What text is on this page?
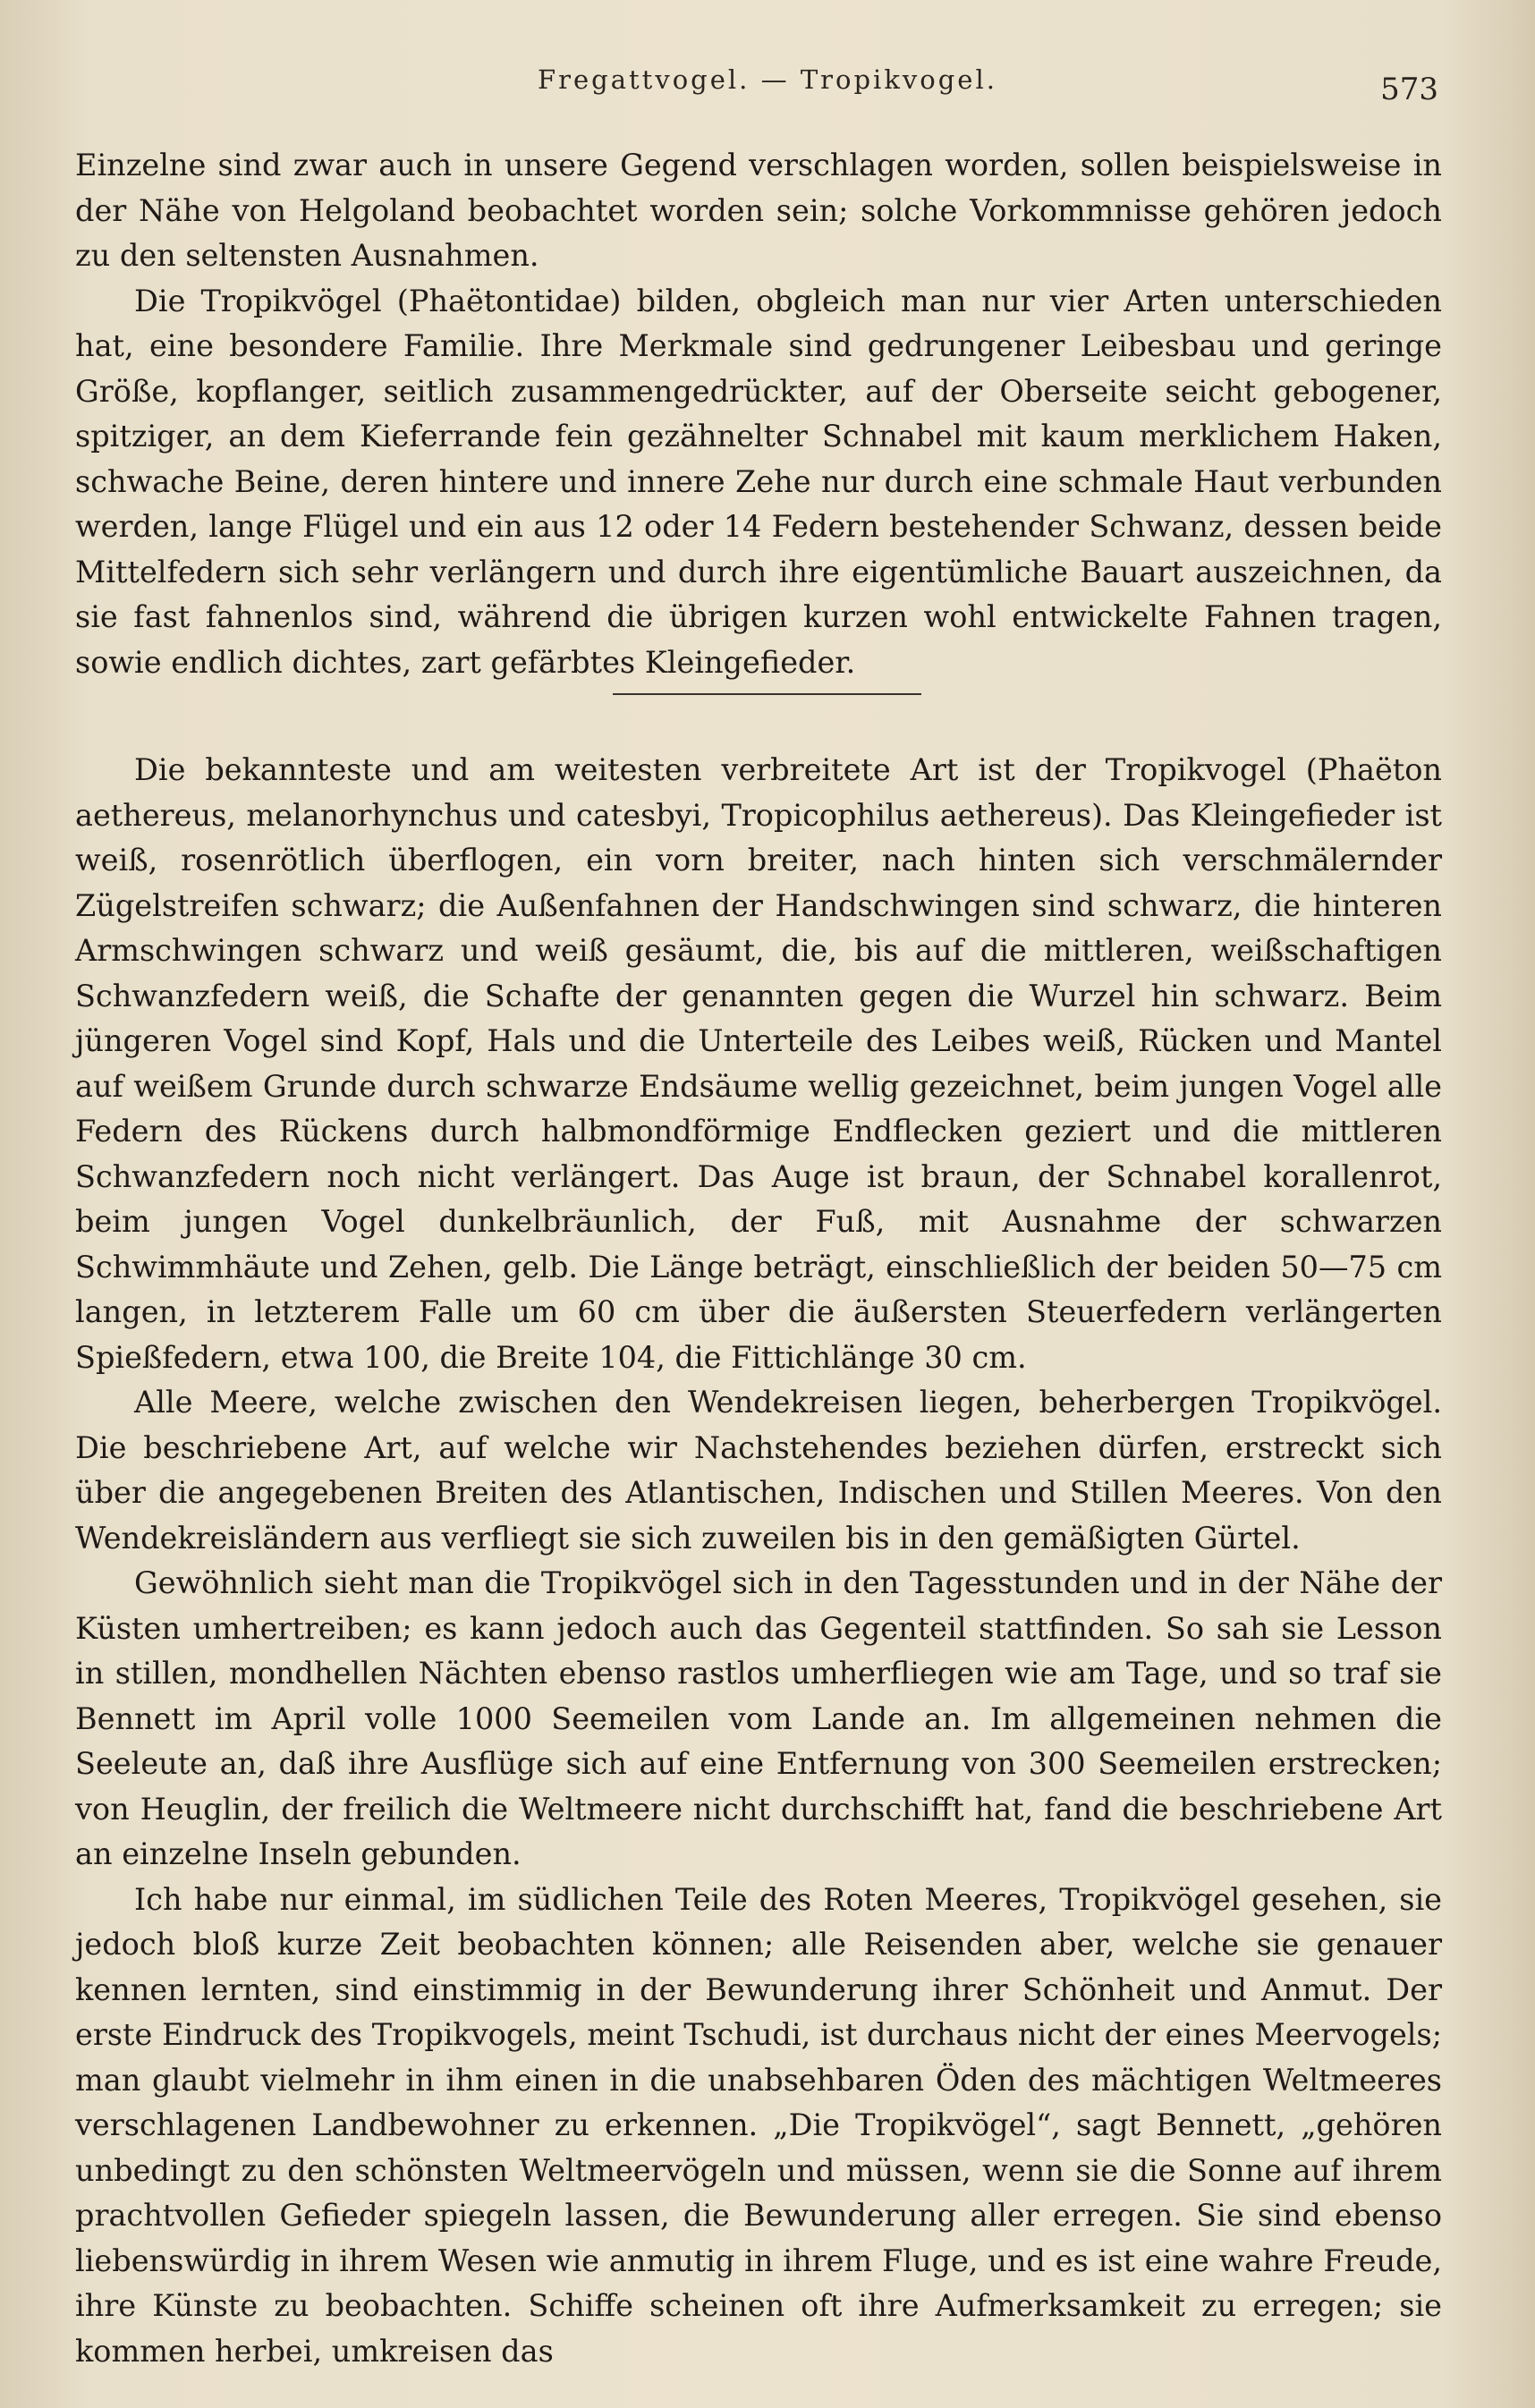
Fregattvogel. — Tropikvogel.	573

Einzelne sind zwar auch in unsere Gegend verschlagen worden, sollen beispielsweise in der Nähe von Helgoland beobachtet worden sein; solche Vorkommnisse gehören jedoch zu den seltensten Ausnahmen.

Die Tropikvögel (Phaëtontidae) bilden, obgleich man nur vier Arten unterschieden hat, eine besondere Familie. Ihre Merkmale sind gedrungener Leibesbau und geringe Größe, kopflanger, seitlich zusammengedrückter, auf der Oberseite seicht gebogener, spitziger, an dem Kieferrande fein gezähnelter Schnabel mit kaum merklichem Haken, schwache Beine, deren hintere und innere Zehe nur durch eine schmale Haut verbunden werden, lange Flügel und ein aus 12 oder 14 Federn bestehender Schwanz, dessen beide Mittelfedern sich sehr verlängern und durch ihre eigentümliche Bauart auszeichnen, da sie fast fahnenlos sind, während die übrigen kurzen wohl entwickelte Fahnen tragen, sowie endlich dichtes, zart gefärbtes Kleingefieder.

Die bekannteste und am weitesten verbreitete Art ist der Tropikvogel (Phaëton aethereus, melanorhynchus und catesbyi, Tropicophilus aethereus). Das Kleingefieder ist weiß, rosenrötlich überflogen, ein vorn breiter, nach hinten sich verschmälernder Zügelstreifen schwarz; die Außenfahnen der Handschwingen sind schwarz, die hinteren Armschwingen schwarz und weiß gesäumt, die, bis auf die mittleren, weißschaftigen Schwanzfedern weiß, die Schafte der genannten gegen die Wurzel hin schwarz. Beim jüngeren Vogel sind Kopf, Hals und die Unterteile des Leibes weiß, Rücken und Mantel auf weißem Grunde durch schwarze Endsäume wellig gezeichnet, beim jungen Vogel alle Federn des Rückens durch halbmondförmige Endflecken geziert und die mittleren Schwanzfedern noch nicht verlängert. Das Auge ist braun, der Schnabel korallenrot, beim jungen Vogel dunkelbräunlich, der Fuß, mit Ausnahme der schwarzen Schwimmhäute und Zehen, gelb. Die Länge beträgt, einschließlich der beiden 50—75 cm langen, in letzterem Falle um 60 cm über die äußersten Steuerfedern verlängerten Spießfedern, etwa 100, die Breite 104, die Fittichlänge 30 cm.

Alle Meere, welche zwischen den Wendekreisen liegen, beherbergen Tropikvögel. Die beschriebene Art, auf welche wir Nachstehendes beziehen dürfen, erstreckt sich über die angegebenen Breiten des Atlantischen, Indischen und Stillen Meeres. Von den Wendekreisländern aus verfliegt sie sich zuweilen bis in den gemäßigten Gürtel.

Gewöhnlich sieht man die Tropikvögel sich in den Tagesstunden und in der Nähe der Küsten umhertreiben; es kann jedoch auch das Gegenteil stattfinden. So sah sie Lesson in stillen, mondhellen Nächten ebenso rastlos umherfliegen wie am Tage, und so traf sie Bennett im April volle 1000 Seemeilen vom Lande an. Im allgemeinen nehmen die Seeleute an, daß ihre Ausflüge sich auf eine Entfernung von 300 Seemeilen erstrecken; von Heuglin, der freilich die Weltmeere nicht durchschifft hat, fand die beschriebene Art an einzelne Inseln gebunden.

Ich habe nur einmal, im südlichen Teile des Roten Meeres, Tropikvögel gesehen, sie jedoch bloß kurze Zeit beobachten können; alle Reisenden aber, welche sie genauer kennen lernten, sind einstimmig in der Bewunderung ihrer Schönheit und Anmut. Der erste Eindruck des Tropikvogels, meint Tschudi, ist durchaus nicht der eines Meervogels; man glaubt vielmehr in ihm einen in die unabsehbaren Öden des mächtigen Weltmeeres verschlagenen Landbewohner zu erkennen. „Die Tropikvögel“, sagt Bennett, „gehören unbedingt zu den schönsten Weltmeervögeln und müssen, wenn sie die Sonne auf ihrem prachtvollen Gefieder spiegeln lassen, die Bewunderung aller erregen. Sie sind ebenso liebenswürdig in ihrem Wesen wie anmutig in ihrem Fluge, und es ist eine wahre Freude, ihre Künste zu beobachten. Schiffe scheinen oft ihre Aufmerksamkeit zu erregen; sie kommen herbei, umkreisen das
